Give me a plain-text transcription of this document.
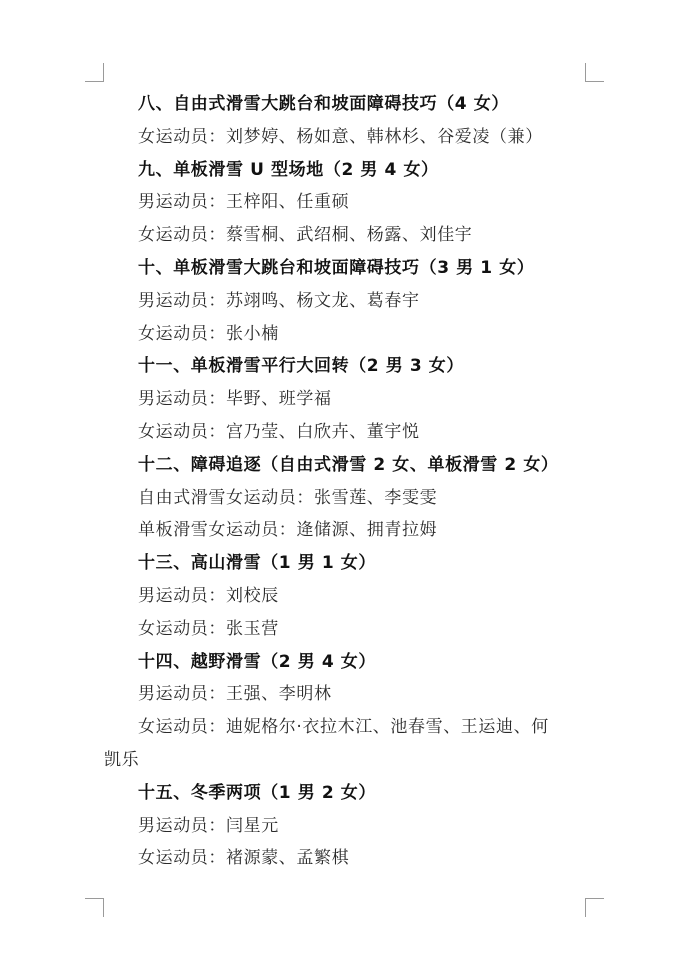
八、自由式滑雪大跳台和坡面障碍技巧（4 女）
女运动员：刘梦婷、杨如意、韩林杉、谷爱凌（兼）
九、单板滑雪 U 型场地（2 男 4 女）
男运动员：王梓阳、任重硕
女运动员：蔡雪桐、武绍桐、杨露、刘佳宇
十、单板滑雪大跳台和坡面障碍技巧（3 男 1 女）
男运动员：苏翊鸣、杨文龙、葛春宇
女运动员：张小楠
十一、单板滑雪平行大回转（2 男 3 女）
男运动员：毕野、班学福
女运动员：宫乃莹、白欣卉、董宇悦
十二、障碍追逐（自由式滑雪 2 女、单板滑雪 2 女）
自由式滑雪女运动员：张雪莲、李雯雯
单板滑雪女运动员：逄储源、拥青拉姆
十三、高山滑雪（1 男 1 女）
男运动员：刘校辰
女运动员：张玉营
十四、越野滑雪（2 男 4 女）
男运动员：王强、李明林
女运动员：迪妮格尔·衣拉木江、池春雪、王运迪、何
凯乐
十五、冬季两项（1 男 2 女）
男运动员：闫星元
女运动员：褚源蒙、孟繁棋
